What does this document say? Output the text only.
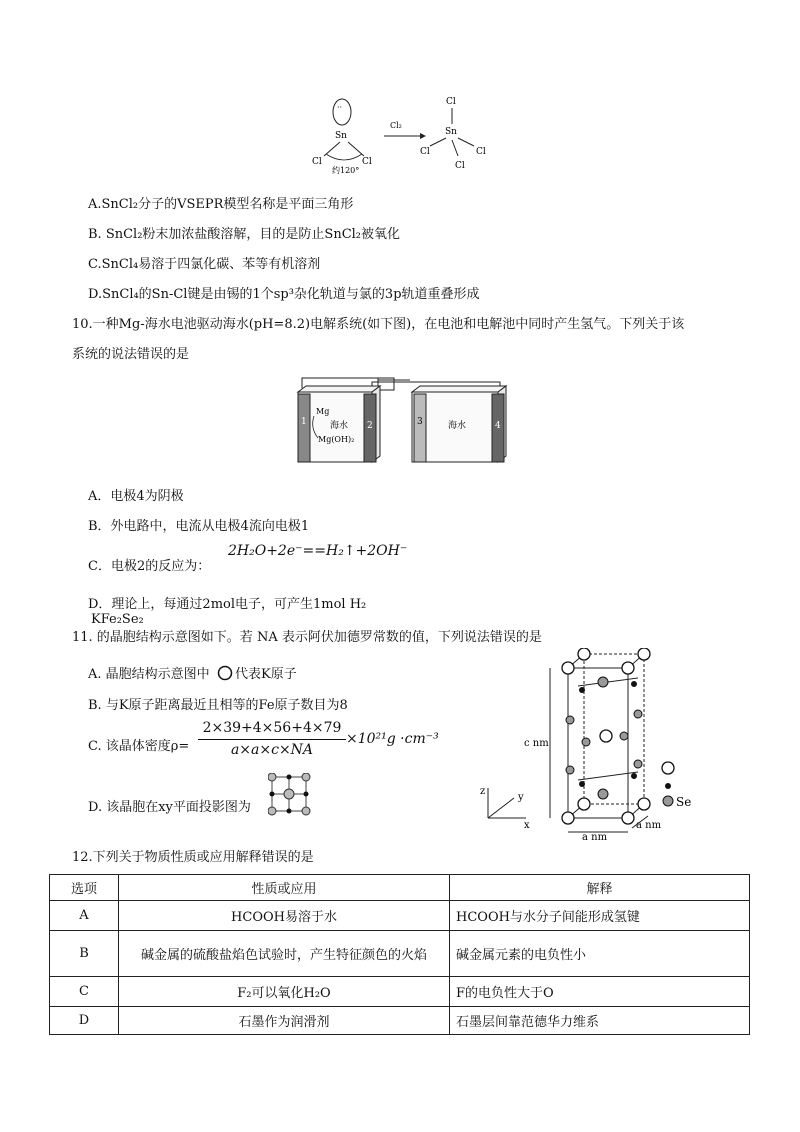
··
Sn
Cl	Cl
约120°
Cl₂
Cl
Sn
Cl	Cl
Cl
A.SnCl₂分子的VSEPR模型名称是平面三角形
B. SnCl₂粉末加浓盐酸溶解，目的是防止SnCl₂被氧化
C.SnCl₄易溶于四氯化碳、苯等有机溶剂
D.SnCl₄的Sn-Cl键是由锡的1个sp³杂化轨道与氯的3p轨道重叠形成
10.一种Mg-海水电池驱动海水(pH=8.2)电解系统(如下图)，在电池和电解池中同时产生氢气。下列关于该
系统的说法错误的是
1	2
Mg
海水
Mg(OH)₂
3	4
海水
A．电极4为阴极
B．外电路中，电流从电极4流向电极1
C．电极2的反应为：
2H₂O+2e⁻==H₂↑+2OH⁻
D．理论上，每通过2mol电子，可产生1mol H₂
KFe₂Se₂
11. 的晶胞结构示意图如下。若 NA 表示阿伏加德罗常数的值，下列说法错误的是
A. 晶胞结构示意图中 代表K原子
B. 与K原子距离最近且相等的Fe原子数目为8
C. 该晶体密度ρ=
2×39+4×56+4×79
a×a×c×NA
×10²¹g ·cm⁻³
D. 该晶胞在xy平面投影图为
c nm
a nm
a nm
z
y
x
Se
12.下列关于物质性质或应用解释错误的是
选项	性质或应用	解释
A	HCOOH易溶于水	HCOOH与水分子间能形成氢键
B	碱金属的硫酸盐焰色试验时，产生特征颜色的火焰	碱金属元素的电负性小
C	F₂可以氧化H₂O	F的电负性大于O
D	石墨作为润滑剂	石墨层间靠范德华力维系
